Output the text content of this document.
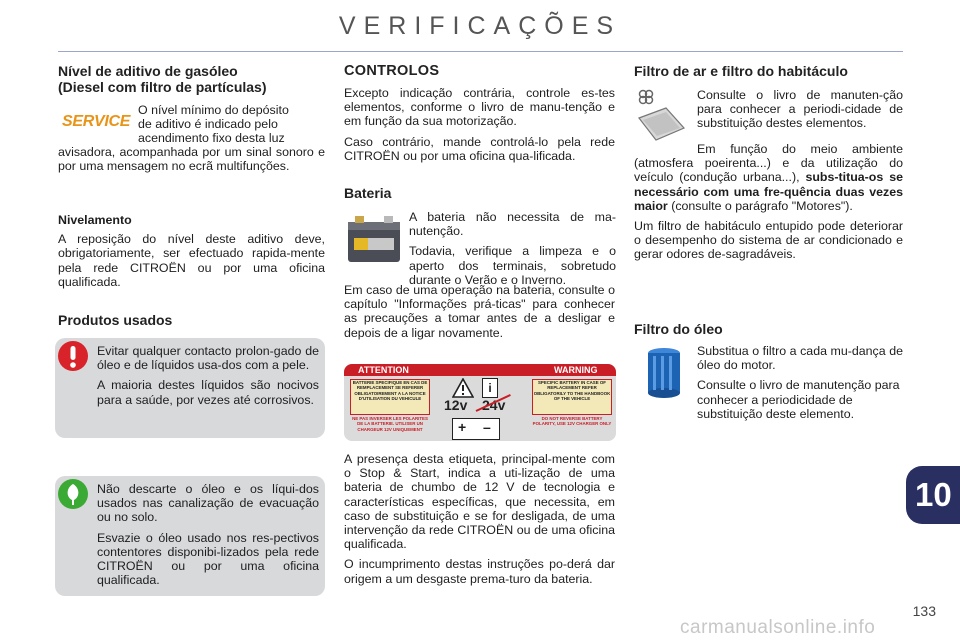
VERIFICAÇÕES
Nível de aditivo de gasóleo
(Diesel com filtro de partículas)
SERVICE
O nível mínimo do depósito
de aditivo é indicado pelo
acendimento fixo desta luz
avisadora, acompanhada por um sinal sonoro e por uma mensagem no ecrã multifunções.
Nivelamento

A reposição do nível deste aditivo deve, obrigatoriamente, ser efectuado rapida-mente pela rede CITROËN ou por uma oficina qualificada.

Produtos usados

Evitar qualquer contacto prolon-gado de óleo e de líquidos usa-dos com a pele.

A maioria destes líquidos são nocivos para a saúde, por vezes até corrosivos.

Não descarte o óleo e os líqui-dos usados nas canalização de evacuação ou no solo.

Esvazie o óleo usado nos res-pectivos contentores disponibi-lizados pela rede CITROËN ou por uma oficina qualificada.

CONTROLOS

Excepto indicação contrária, controle es-tes elementos, conforme o livro de manu-tenção e em função da sua motorização.

Caso contrário, mande controlá-lo pela rede CITROËN ou por uma oficina qua-lificada.

Bateria

A bateria não necessita de ma-nutenção.

Todavia, verifique a limpeza e o aperto dos terminais, sobretudo durante o Verão e o Inverno.

Em caso de uma operação na bateria, consulte o capítulo "Informações prá-ticas" para conhecer as precauções a tomar antes de a desligar e depois de a ligar novamente.

ATTENTION	WARNING
BATTERIE SPECIFIQUE EN CAS DE REMPLACEMENT SE REFERER OBLIGATOIREMENT A LA NOTICE D'UTILISATION DU VEHICULE
NE PAS INVERSER LES POLARITES DE LA BATTERIE. UTILISER UN CHARGEUR 12V UNIQUEMENT
SPECIFIC BATTERY IN CASE OF REPLACEMENT REFER OBLIGATORILY TO THE HANDBOOK OF THE VEHICLE
DO NOT REVERSE BATTERY POLARITY, USE 12V CHARGER ONLY
i
12v 24v
+ –

A presença desta etiqueta, principal-mente com o Stop & Start, indica a uti-lização de uma bateria de chumbo de 12 V de tecnologia e características específicas, que necessita, em caso de substituição e se for desligada, de uma intervenção da rede CITROËN ou de uma oficina qualificada.

O incumprimento destas instruções po-derá dar origem a um desgaste prema-turo da bateria.

Filtro de ar e filtro do habitáculo

Consulte o livro de manuten-ção para conhecer a periodi-cidade de substituição destes elementos.

Em função do meio ambiente (atmosfera poeirenta...) e da utilização do veículo (condução urbana...), subs-titua-os se necessário com uma fre-quência duas vezes maior (consulte o parágrafo "Motores").

Um filtro de habitáculo entupido pode deteriorar o desempenho do sistema de ar condicionado e gerar odores de-sagradáveis.

Filtro do óleo

Substitua o filtro a cada mu-dança de óleo do motor.

Consulte o livro de manutenção para conhecer a periodicidade de substituição deste elemento.

10
133
carmanualsonline.info
